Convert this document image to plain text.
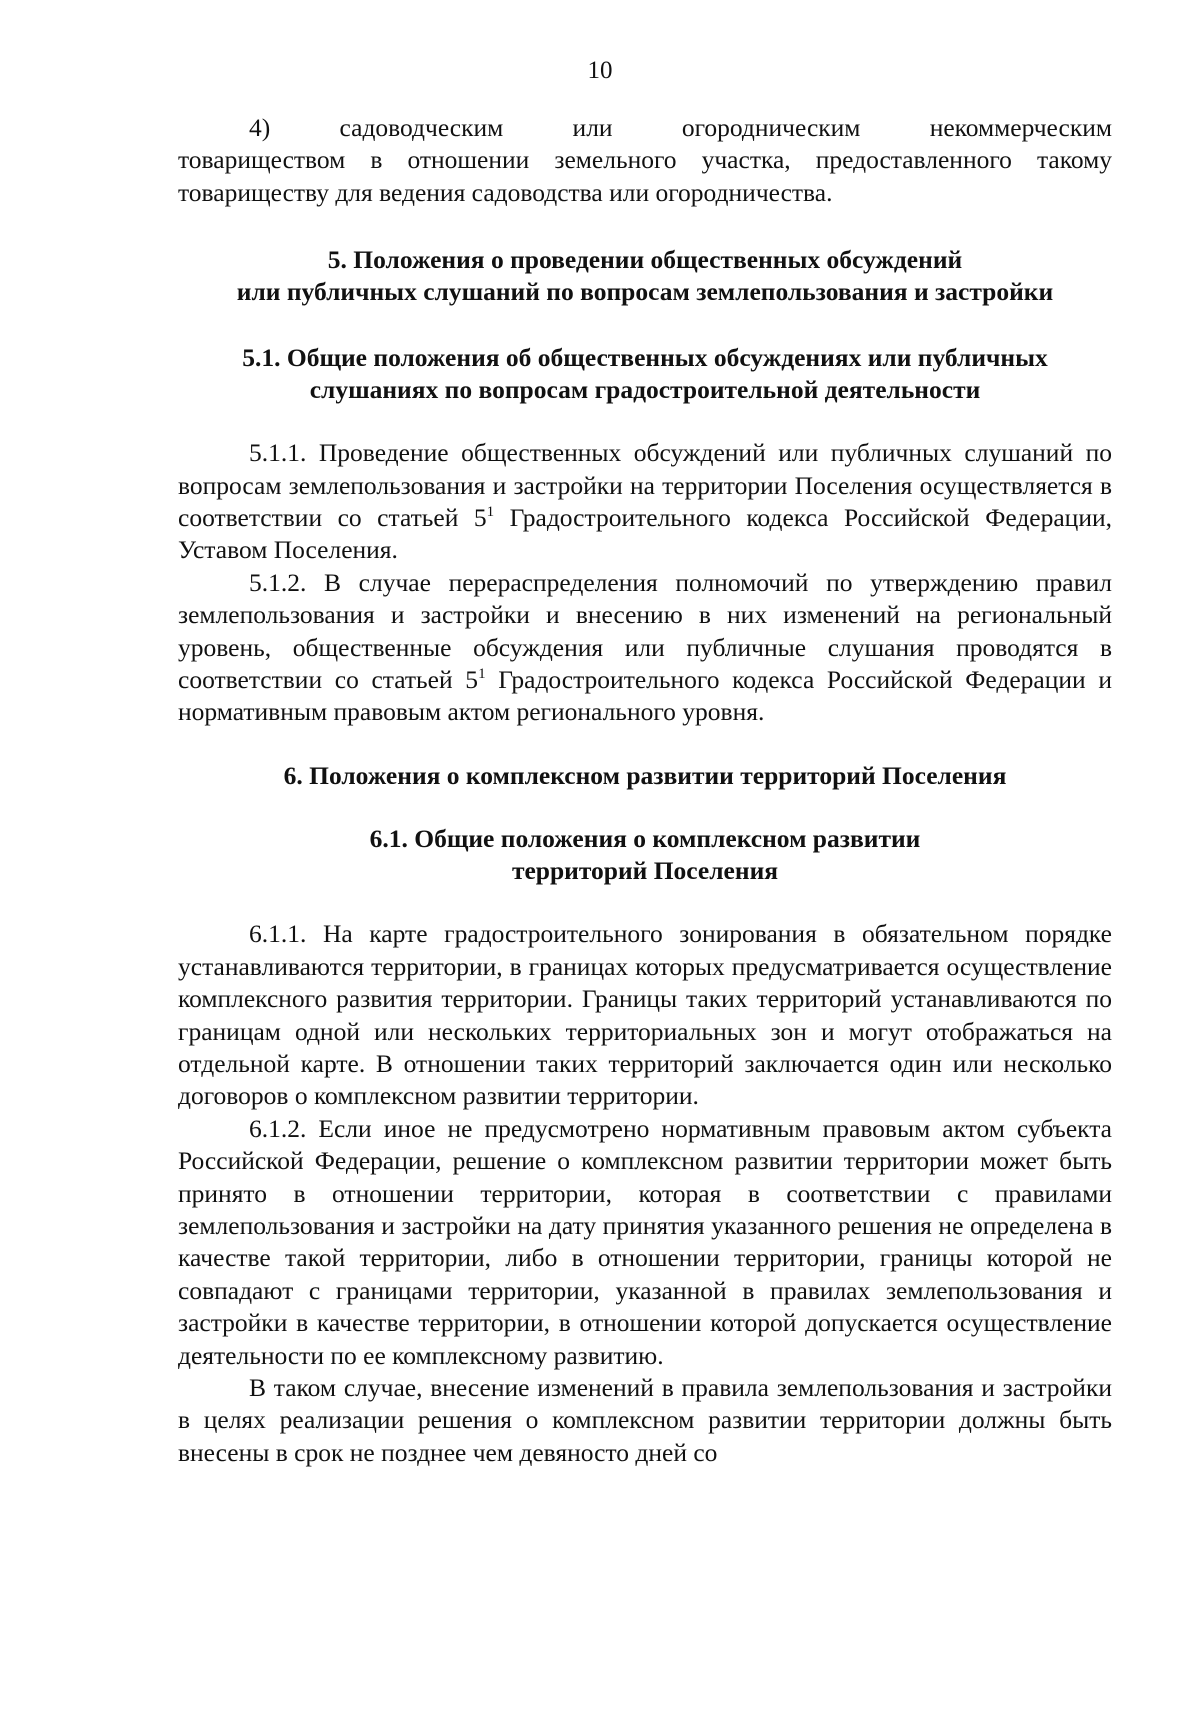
10

4) садоводческим или огородническим некоммерческим
товариществом в отношении земельного участка, предоставленного такому товариществу для ведения садоводства или огородничества.

5. Положения о проведении общественных обсуждений
или публичных слушаний по вопросам землепользования и застройки
5.1. Общие положения об общественных обсуждениях или публичных
слушаниях по вопросам градостроительной деятельности

5.1.1. Проведение общественных обсуждений или публичных слушаний по вопросам землепользования и застройки на территории Поселения осуществляется в соответствии со статьей $5^1$ Градостроительного кодекса Российской Федерации, Уставом Поселения.

5.1.2. В случае перераспределения полномочий по утверждению правил землепользования и застройки и внесению в них изменений на региональный уровень, общественные обсуждения или публичные слушания проводятся в соответствии со статьей $5^1$ Градостроительного кодекса Российской Федерации и нормативным правовым актом регионального уровня.

6. Положения о комплексном развитии территорий Поселения
6.1. Общие положения о комплексном развитии
территорий Поселения

6.1.1. На карте градостроительного зонирования в обязательном порядке устанавливаются территории, в границах которых предусматривается осуществление комплексного развития территории. Границы таких территорий устанавливаются по границам одной или нескольких территориальных зон и могут отображаться на отдельной карте. В отношении таких территорий заключается один или несколько договоров о комплексном развитии территории.

6.1.2. Если иное не предусмотрено нормативным правовым актом субъекта Российской Федерации, решение о комплексном развитии территории может быть принято в отношении территории, которая в соответствии с правилами землепользования и застройки на дату принятия указанного решения не определена в качестве такой территории, либо в отношении территории, границы которой не совпадают с границами территории, указанной в правилах землепользования и застройки в качестве территории, в отношении которой допускается осуществление деятельности по ее комплексному развитию.

В таком случае, внесение изменений в правила землепользования и застройки в целях реализации решения о комплексном развитии территории должны быть внесены в срок не позднее чем девяносто дней со
